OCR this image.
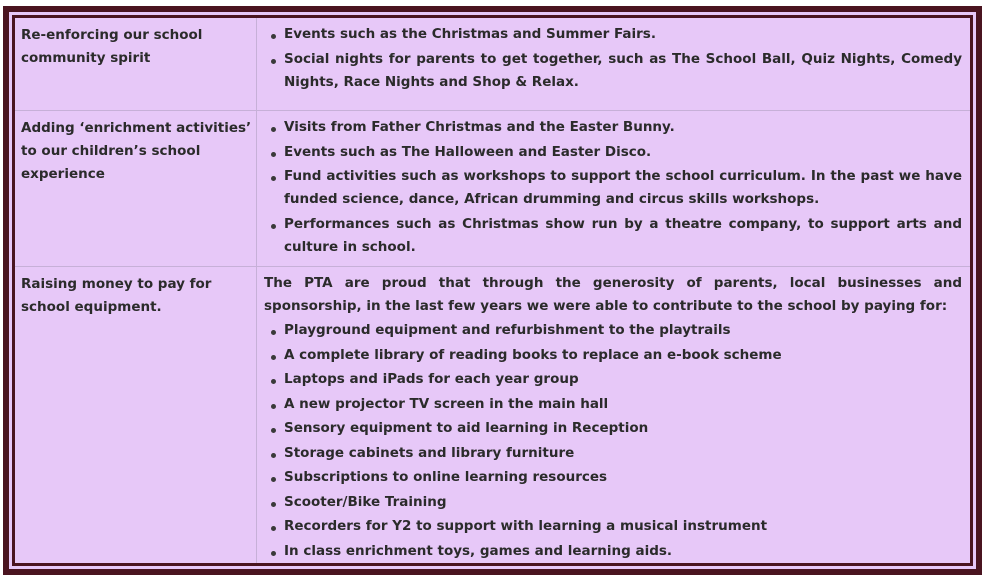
Re-enforcing our school community spirit
Events such as the Christmas and Summer Fairs.
Social nights for parents to get together, such as The School Ball, Quiz Nights, Comedy Nights, Race Nights and Shop & Relax.
Adding ‘enrichment activities’ to our children’s school experience
Visits from Father Christmas and the Easter Bunny.
Events such as The Halloween and Easter Disco.
Fund activities such as workshops to support the school curriculum. In the past we have funded science, dance, African drumming and circus skills workshops.
Performances such as Christmas show run by a theatre company, to support arts and culture in school.
Raising money to pay for school equipment.
The PTA are proud that through the generosity of parents, local businesses and sponsorship, in the last few years we were able to contribute to the school by paying for:
Playground equipment and refurbishment to the playtrails
A complete library of reading books to replace an e-book scheme
Laptops and iPads for each year group
A new projector TV screen in the main hall
Sensory equipment to aid learning in Reception
Storage cabinets and library furniture
Subscriptions to online learning resources
Scooter/Bike Training
Recorders for Y2 to support with learning a musical instrument
In class enrichment toys, games and learning aids.
